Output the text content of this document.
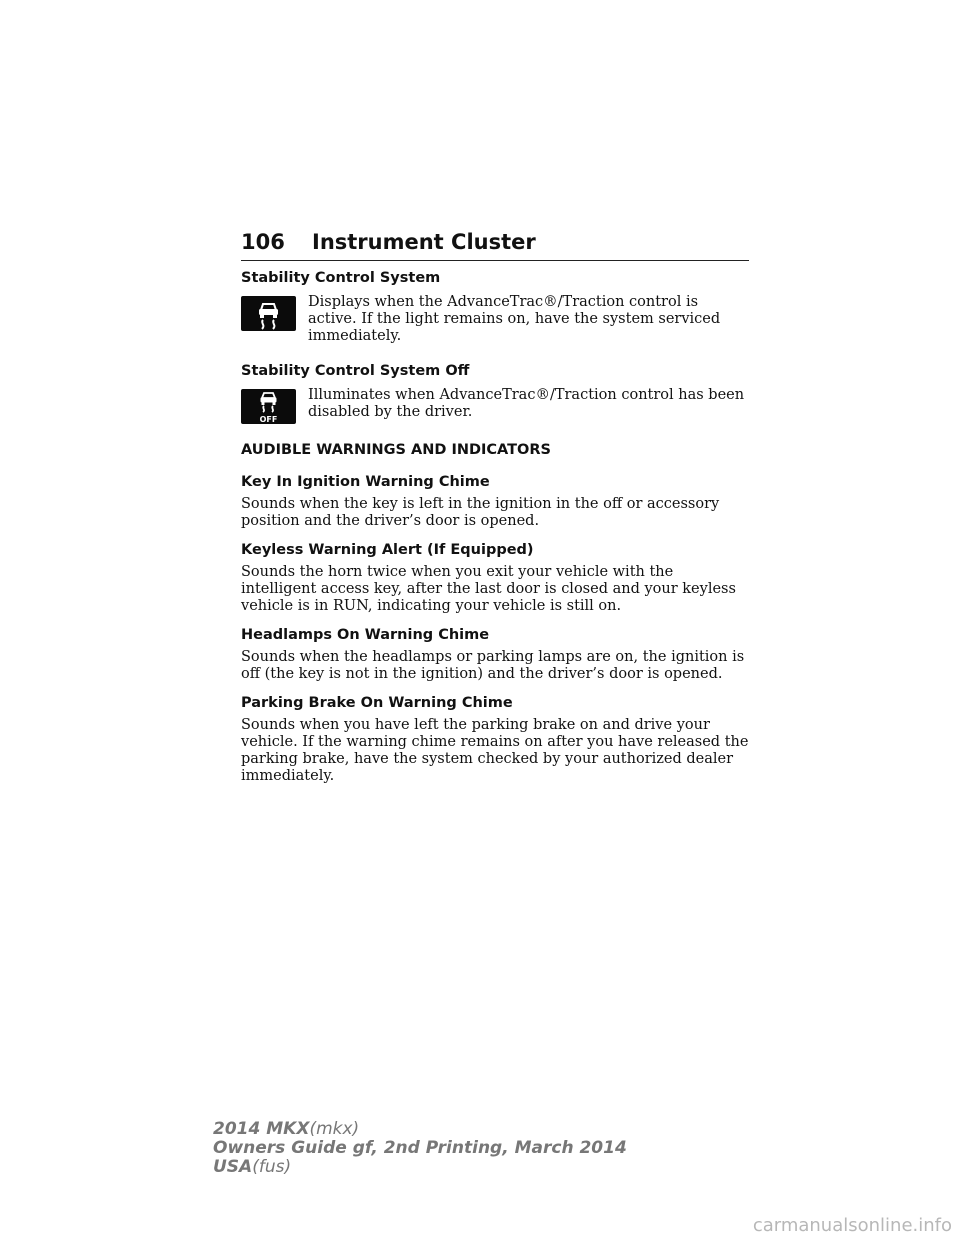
106 Instrument Cluster
Stability Control System

Displays when the AdvanceTrac®/Traction control is active. If the light remains on, have the system serviced immediately.

Stability Control System Off
OFF

Illuminates when AdvanceTrac®/Traction control has been disabled by the driver.

AUDIBLE WARNINGS AND INDICATORS
Key In Ignition Warning Chime

Sounds when the key is left in the ignition in the off or accessory position and the driver’s door is opened.

Keyless Warning Alert (If Equipped)

Sounds the horn twice when you exit your vehicle with the intelligent access key, after the last door is closed and your keyless vehicle is in RUN, indicating your vehicle is still on.

Headlamps On Warning Chime

Sounds when the headlamps or parking lamps are on, the ignition is off (the key is not in the ignition) and the driver’s door is opened.

Parking Brake On Warning Chime

Sounds when you have left the parking brake on and drive your vehicle. If the warning chime remains on after you have released the parking brake, have the system checked by your authorized dealer immediately.

2014 MKX(mkx)
Owners Guide gf, 2nd Printing, March 2014
USA(fus)
carmanualsonline.info
